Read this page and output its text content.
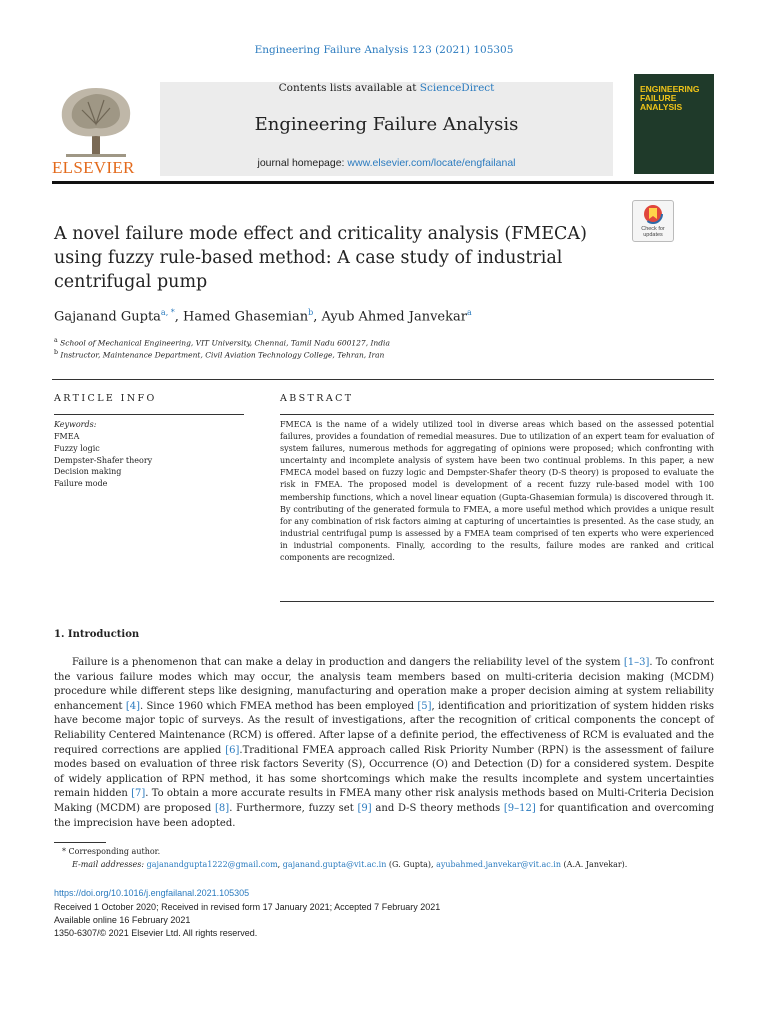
Engineering Failure Analysis 123 (2021) 105305
ELSEVIER
Contents lists available at ScienceDirect
Engineering Failure Analysis
journal homepage: www.elsevier.com/locate/engfailanal
ENGINEERING FAILURE ANALYSIS
Check for updates
A novel failure mode effect and criticality analysis (FMECA) using fuzzy rule-based method: A case study of industrial centrifugal pump
Gajanand Gupta$^{a, *}$, Hamed Ghasemian$^b$, Ayub Ahmed Janvekar$^a$
$^a$ School of Mechanical Engineering, VIT University, Chennai, Tamil Nadu 600127, India
$^b$ Instructor, Maintenance Department, Civil Aviation Technology College, Tehran, Iran
ARTICLE INFO
Keywords:
FMEA
Fuzzy logic
Dempster-Shafer theory
Decision making
Failure mode
ABSTRACT
FMECA is the name of a widely utilized tool in diverse areas which based on the assessed potential failures, provides a foundation of remedial measures. Due to utilization of an expert team for evaluation of system failures, numerous methods for aggregating of opinions were proposed; which confronting with uncertainty and incomplete analysis of system have been two continual problems. In this paper, a new FMECA model based on fuzzy logic and Dempster-Shafer theory (D-S theory) is proposed to evaluate the risk in FMEA. The proposed model is development of a recent fuzzy rule-based model with 100 membership functions, which a novel linear equation (Gupta-Ghasemian formula) is discovered through it. By contributing of the generated formula to FMEA, a more useful method which provides a unique result for any combination of risk factors aiming at capturing of uncertainties is presented. As the case study, an industrial centrifugal pump is assessed by a FMEA team comprised of ten experts who were experienced in industrial components. Finally, according to the results, failure modes are ranked and critical components are recognized.
1. Introduction
Failure is a phenomenon that can make a delay in production and dangers the reliability level of the system [1–3]. To confront the various failure modes which may occur, the analysis team members based on multi-criteria decision making (MCDM) procedure while different steps like designing, manufacturing and operation make a proper decision aiming at system reliability enhancement [4]. Since 1960 which FMEA method has been employed [5], identification and prioritization of system hidden risks have become major topic of surveys. As the result of investigations, after the recognition of critical components the concept of Reliability Centered Maintenance (RCM) is offered. After lapse of a definite period, the effectiveness of RCM is evaluated and the required corrections are applied [6].Traditional FMEA approach called Risk Priority Number (RPN) is the assessment of failure modes based on evaluation of three risk factors Severity (S), Occurrence (O) and Detection (D) for a considered system. Despite of widely application of RPN method, it has some shortcomings which make the results incomplete and system uncertainties remain hidden [7]. To obtain a more accurate results in FMEA many other risk analysis methods based on Multi-Criteria Decision Making (MCDM) are proposed [8]. Furthermore, fuzzy set [9] and D-S theory methods [9–12] for quantification and overcoming the imprecision have been adopted.
* Corresponding author.
E-mail addresses: gajanandgupta1222@gmail.com, gajanand.gupta@vit.ac.in (G. Gupta), ayubahmed.janvekar@vit.ac.in (A.A. Janvekar).
https://doi.org/10.1016/j.engfailanal.2021.105305
Received 1 October 2020; Received in revised form 17 January 2021; Accepted 7 February 2021
Available online 16 February 2021
1350-6307/© 2021 Elsevier Ltd. All rights reserved.
